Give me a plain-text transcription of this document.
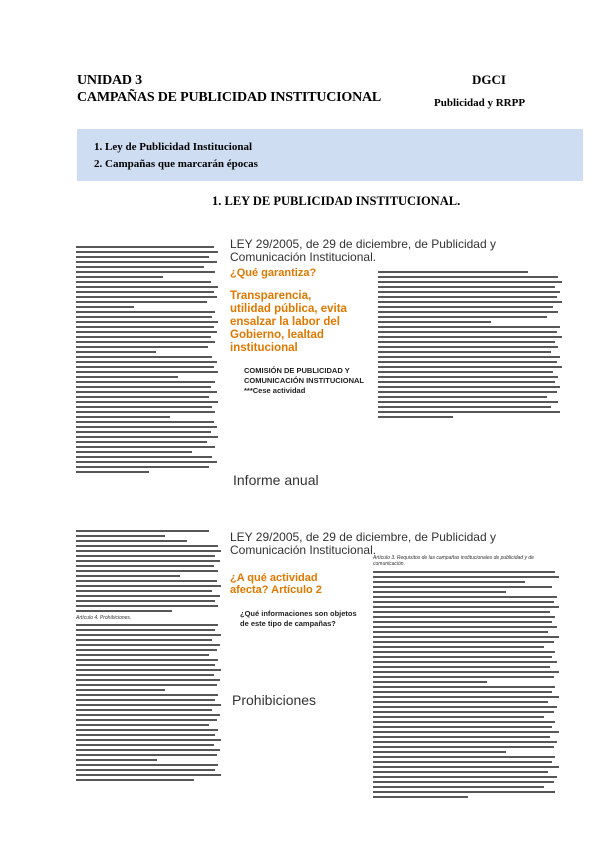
UNIDAD 3
CAMPAÑAS DE PUBLICIDAD INSTITUCIONAL
DGCI
Publicidad y RRPP
1. Ley de Publicidad Institucional
2. Campañas que marcarán épocas
1. LEY DE PUBLICIDAD INSTITUCIONAL.
LEY 29/2005, de 29 de diciembre, de Publicidad y Comunicación Institucional.
¿Qué garantiza?
Transparencia, utilidad pública, evita ensalzar la labor del Gobierno, lealtad institucional
COMISIÓN DE PUBLICIDAD Y COMUNICACIÓN INSTITUCIONAL
***Cese actividad
Informe anual
Artículo 4. Prohibiciones.
Artículo 3. Requisitos de las campañas institucionales de publicidad y de comunicación.
LEY 29/2005, de 29 de diciembre, de Publicidad y Comunicación Institucional.
¿A qué actividad afecta? Artículo 2
¿Qué informaciones son objetos de este tipo de campañas?
Prohibiciones
